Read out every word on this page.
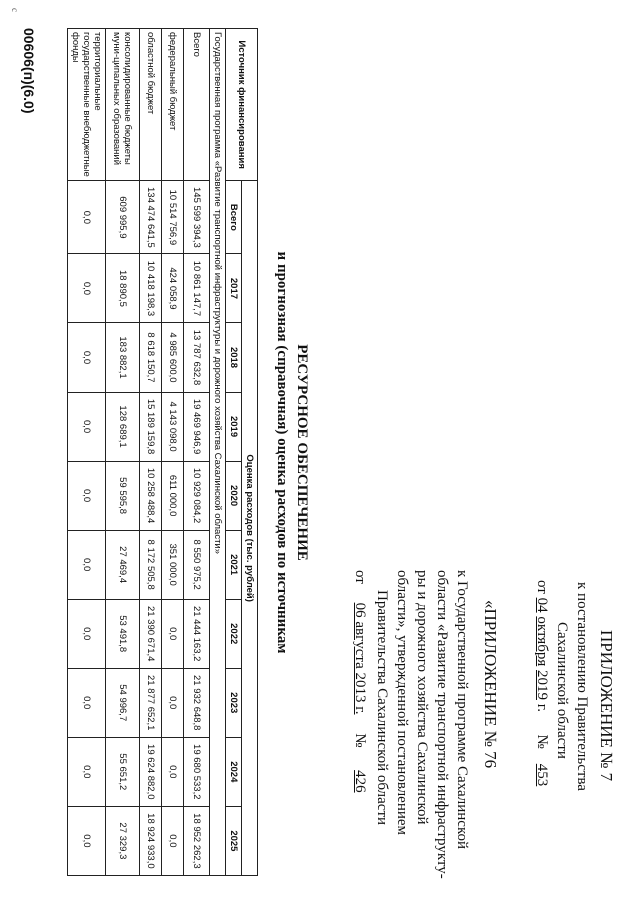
ПРИЛОЖЕНИЕ № 7
к постановлению Правительства
Сахалинской области
от 04 октября 2019 г.      №    453
«ПРИЛОЖЕНИЕ № 76
к Государственной программе Сахалинской
области «Развитие транспортной инфраструкту-
ры и дорожного хозяйства Сахалинской
области», утвержденной постановлением
Правительства Сахалинской области
от     06 августа 2013 г.     №      426
РЕСУРСНОЕ ОБЕСПЕЧЕНИЕ
и прогнозная (справочная) оценка расходов по источникам
Источник финансирования	Оценка расходов (тыс. рублей)									
	Всего	2017	2018	2019	2020	2021	2022	2023	2024	2025
Государственная программа «Развитие транспортной инфраструктуры и дорожного хозяйства Сахалинской области»										
Всего	145 599 394,3	10 861 147,7	13 787 632,8	19 469 946,9	10 929 084,2	8 550 975,2	21 444 163,2	21 932 648,8	19 680 533,2	18 952 262,3
федеральный бюджет	10 514 756,9	424 058,9	4 985 600,0	4 143 098,0	611 000,0	351 000,0	0,0	0,0	0,0	0,0
областной бюджет	134 474 641,5	10 418 198,3	8 618 150,7	15 189 159,8	10 258 488,4	8 172 505,8	21 390 671,4	21 877 652,1	19 624 882,0	18 924 933,0
консолидированные бюджеты муни-ципальных образований	609 995,9	18 890,5	183 882,1	128 689,1	59 595,8	27 469,4	53 491,8	54 996,7	55 651,2	27 329,3
территориальные государственные внебюджетные фонды	0,0	0,0	0,0	0,0	0,0	0,0	0,0	0,0	0,0	0,0
00606(п)(6.0)
с
